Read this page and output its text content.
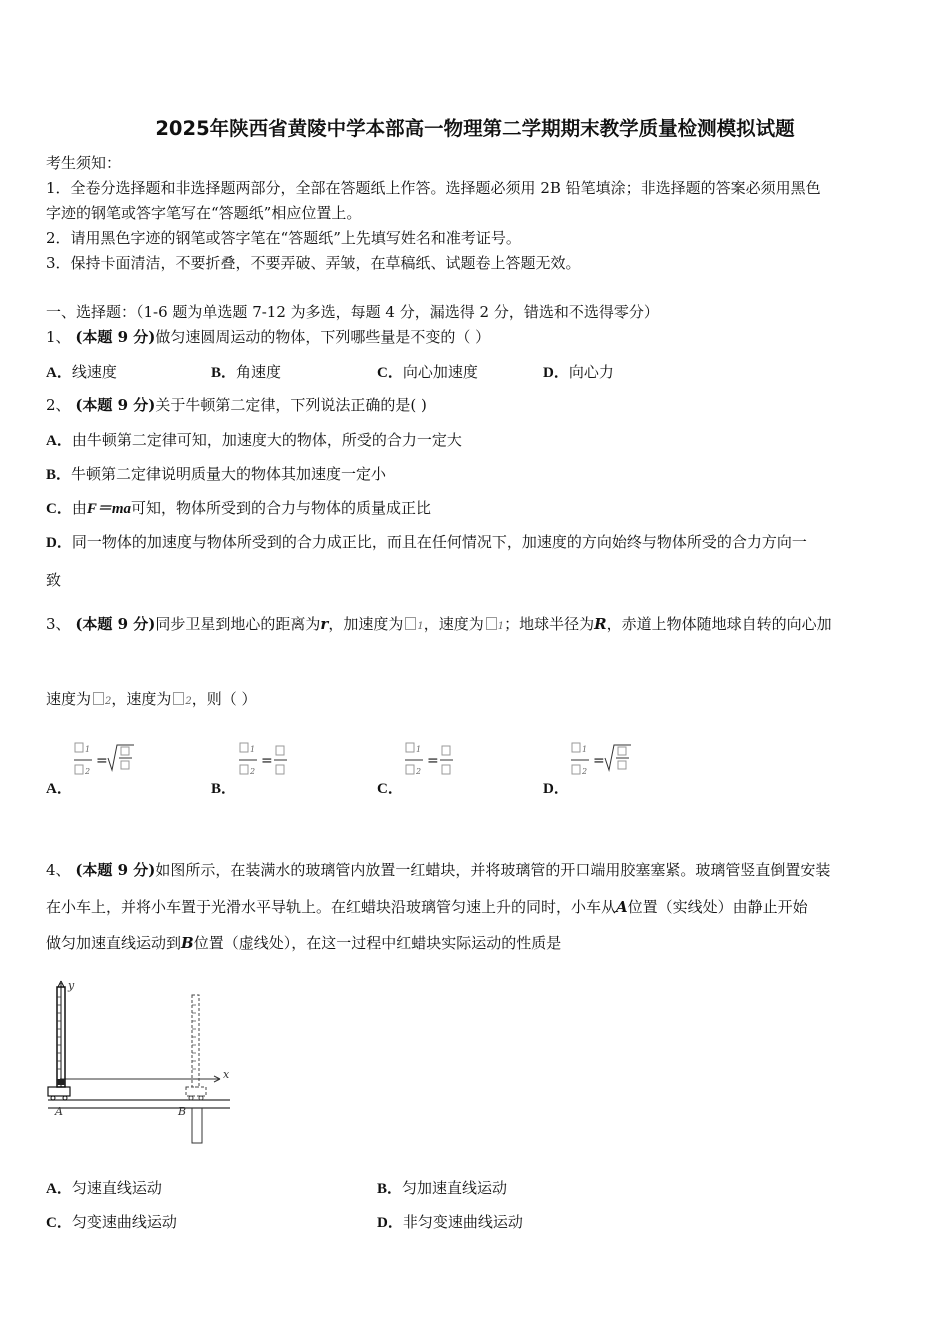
2025年陕西省黄陵中学本部高一物理第二学期期末教学质量检测模拟试题
考生须知：
1．全卷分选择题和非选择题两部分，全部在答题纸上作答。选择题必须用 2B 铅笔填涂；非选择题的答案必须用黑色
字迹的钢笔或答字笔写在“答题纸”相应位置上。
2．请用黑色字迹的钢笔或答字笔在“答题纸”上先填写姓名和准考证号。
3．保持卡面清洁，不要折叠，不要弄破、弄皱，在草稿纸、试题卷上答题无效。
一、选择题：（1-6 题为单选题 7-12 为多选，每题 4 分，漏选得 2 分，错选和不选得零分）
1、 (本题 9 分)做匀速圆周运动的物体，下列哪些量是不变的（ ）
A．线速度	B．角速度	C．向心加速度	D．向心力
2、 (本题 9 分)关于牛顿第二定律，下列说法正确的是( )
A．由牛顿第二定律可知，加速度大的物体，所受的合力一定大
B．牛顿第二定律说明质量大的物体其加速度一定小
C．由F＝ma可知，物体所受到的合力与物体的质量成正比
D．同一物体的加速度与物体所受到的合力成正比，而且在任何情况下，加速度的方向始终与物体所受的合力方向一
致
3、 (本题 9 分)同步卫星到地心的距离为r，加速度为 1，速度为 1；地球半径为R，赤道上物体随地球自转的向心加
速度为 2，速度为 2，则（ ）
A．
1
2
=
B．
1
2
=
C．
1
2
=
D．
1
2
=
4、 (本题 9 分)如图所示，在装满水的玻璃管内放置一红蜡块，并将玻璃管的开口端用胶塞塞紧。玻璃管竖直倒置安装
在小车上，并将小车置于光滑水平导轨上。在红蜡块沿玻璃管匀速上升的同时，小车从A位置（实线处）由静止开始
做匀加速直线运动到B位置（虚线处），在这一过程中红蜡块实际运动的性质是
x
y
A	B
A．匀速直线运动	B．匀加速直线运动
C．匀变速曲线运动	D．非匀变速曲线运动
